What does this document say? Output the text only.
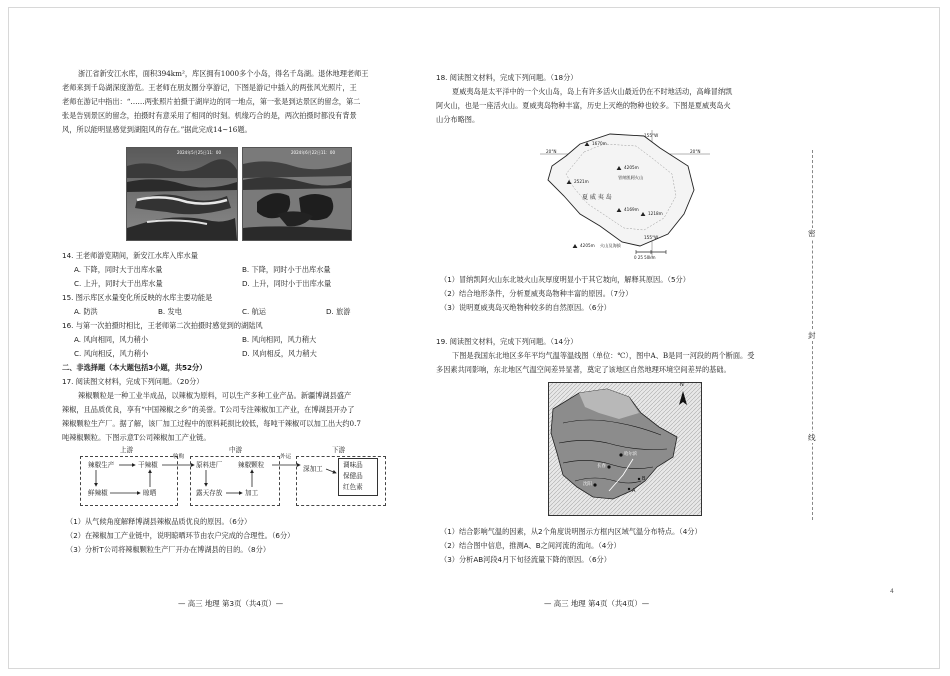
浙江省新安江水库，面积394km²，库区拥有1000多个小岛，得名千岛湖。退休地理老师王

老师来到千岛湖深度游览。王老师在朋友圈分享游记，下图是游记中插入的两张风光照片，王

老师在游记中指出：“……两张照片拍摄于湖岸边的同一地点，第一张是到达景区的留念，第二

张是告别景区的留念，拍摄时有意采用了相同的时刻。机缘巧合的是，两次拍摄时都没有背景

风，所以能明显感觉到湖阻风的存在。”据此完成14~16题。

2024年5月25日11：00	2024年6月22日11：00

14. 王老师游览期间，新安江水库入库水量

A. 下降，同时大于出库水量	B. 下降，同时小于出库水量

C. 上升，同时大于出库水量	D. 上升，同时小于出库水量

15. 图示库区水量变化所反映的水库主要功能是

A. 防洪	B. 发电	C. 航运	D. 旅游

16. 与第一次拍摄时相比，王老师第二次拍摄时感觉到的湖陆风

A. 风向相同，风力稍小	B. 风向相同，风力稍大

C. 风向相反，风力稍小	D. 风向相反，风力稍大

二、非选择题（本大题包括3小题，共52分）

17. 阅读图文材料，完成下列问题。（20分）

辣椒颗粒是一种工业半成品，以辣椒为原料，可以生产多种工业产品。新疆博湖县盛产

辣椒，且品质优良，享有“中国辣椒之乡”的美誉。T公司专注辣椒加工产业，在博湖县开办了

辣椒颗粒生产厂。据了解，该厂加工过程中的原料耗损比较低，每吨干辣椒可以加工出大约0.7

吨辣椒颗粒。下图示意T公司辣椒加工产业链。

上游	中游	下游
辣椒生产	干辣椒
鲜辣椒	晾晒
收购
原料进厂 辣椒颗粒
露天存放	加工
外运
深加工	调味品
保健品
红色素

（1）从气候角度解释博湖县辣椒品质优良的原因。（6分）

（2）在辣椒加工产业链中，说明晾晒环节由农户完成的合理性。（6分）

（3）分析T公司将辣椒颗粒生产厂开办在博湖县的目的。（8分）

— 高三 地理 第3页（共4页）—

18. 阅读图文材料，完成下列问题。（18分）

夏威夷岛是太平洋中的一个火山岛，岛上有许多活火山最近仍在不时地活动，高峰冒纳凯

阿火山，也是一座活火山。夏威夷岛物种丰富，历史上灭绝的物种也较多。下图是夏威夷岛火

山分布略图。

155°W
155°W
20°N	20°N
1670m
4205m
冒纳凯阿火山
2521m
夏 威 夷 岛
4169m
1218m
4205m 火山及海拔
0 25 50km

（1）冒纳凯阿火山东北坡火山灰厚度明显小于其它坡向，解释其原因。（5分）

（2）结合地形条件，分析夏威夷岛物种丰富的原因。（7分）

（3）说明夏威夷岛灭绝物种较多的自然原因。（6分）

19. 阅读图文材料，完成下列问题。（14分）

下图是我国东北地区多年平均气温等温线图（单位：℃），图中A、B是同一河段的两个断面。受

多因素共同影响，东北地区气温空间差异显著，奠定了该地区自然地理环境空间差异的基础。

N
哈尔滨
长春
沈阳
A
B

（1）结合影响气温的因素，从2个角度说明图示方框内区域气温分布特点。（4分）

（2）结合图中信息，推测A、B之间河流的流向。（4分）

（3）分析AB河段4月下旬径流量下降的原因。（6分）

— 高三 地理 第4页（共4页）—
密
封
线
4
